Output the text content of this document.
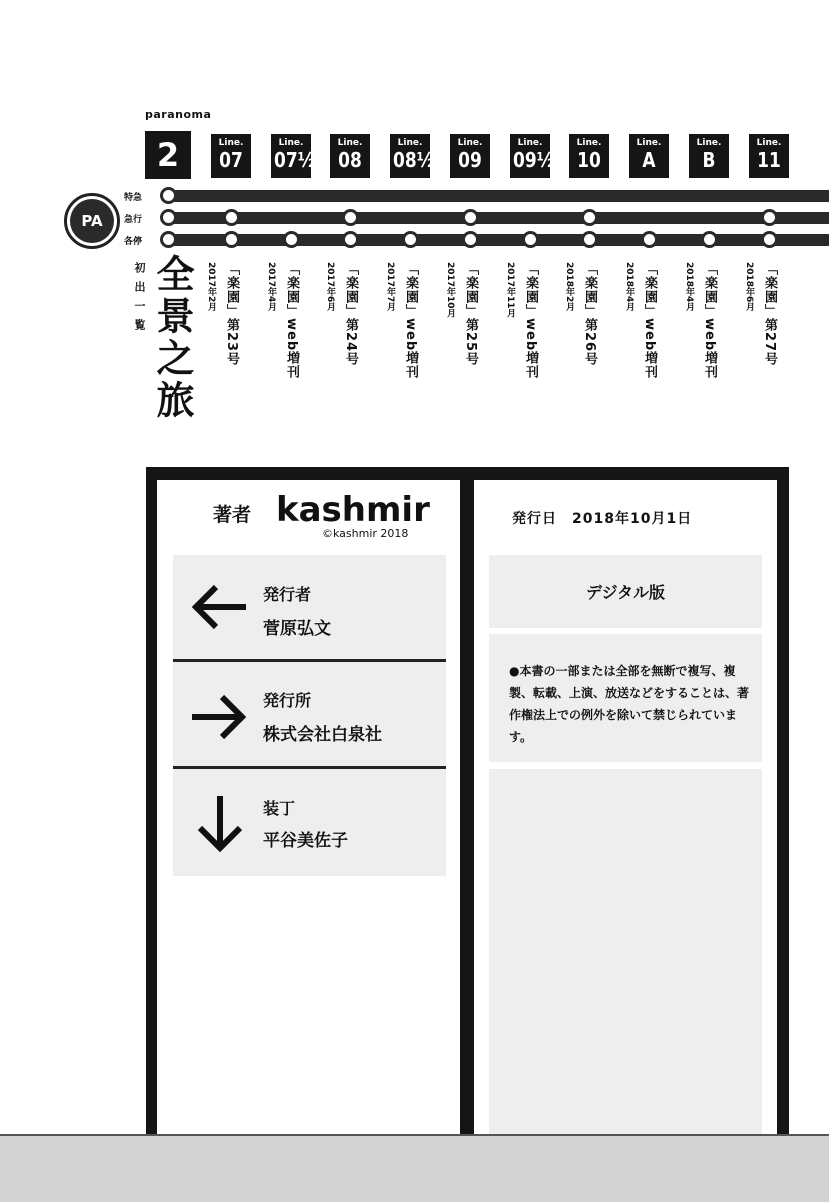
paranoma
2	Line.
07
Line.
07½
Line.
08
Line.
08½
Line.
09
Line.
09½
Line.
10
Line.
A
Line.
B
Line.
11
PA
特急
急行
各停
初出一覧 全景之旅 2017年2月 「楽園」第23号	2017年4月 「楽園」web増刊	2017年6月 「楽園」第24号	2017年7月 「楽園」web増刊	2017年10月 「楽園」第25号	2017年11月 「楽園」web増刊	2018年2月 「楽園」第26号	2018年4月 「楽園」web増刊	2018年4月 「楽園」web増刊	2018年6月 「楽園」第27号
著者 kashmir
©kashmir 2018
発行者
菅原弘文
発行所
株式会社白泉社
装丁
平谷美佐子
発行日　2018年10月1日
デジタル版
●本書の一部または全部を無断で複写、複製、転載、上演、放送などをすることは、著作権法上での例外を除いて禁じられています。
